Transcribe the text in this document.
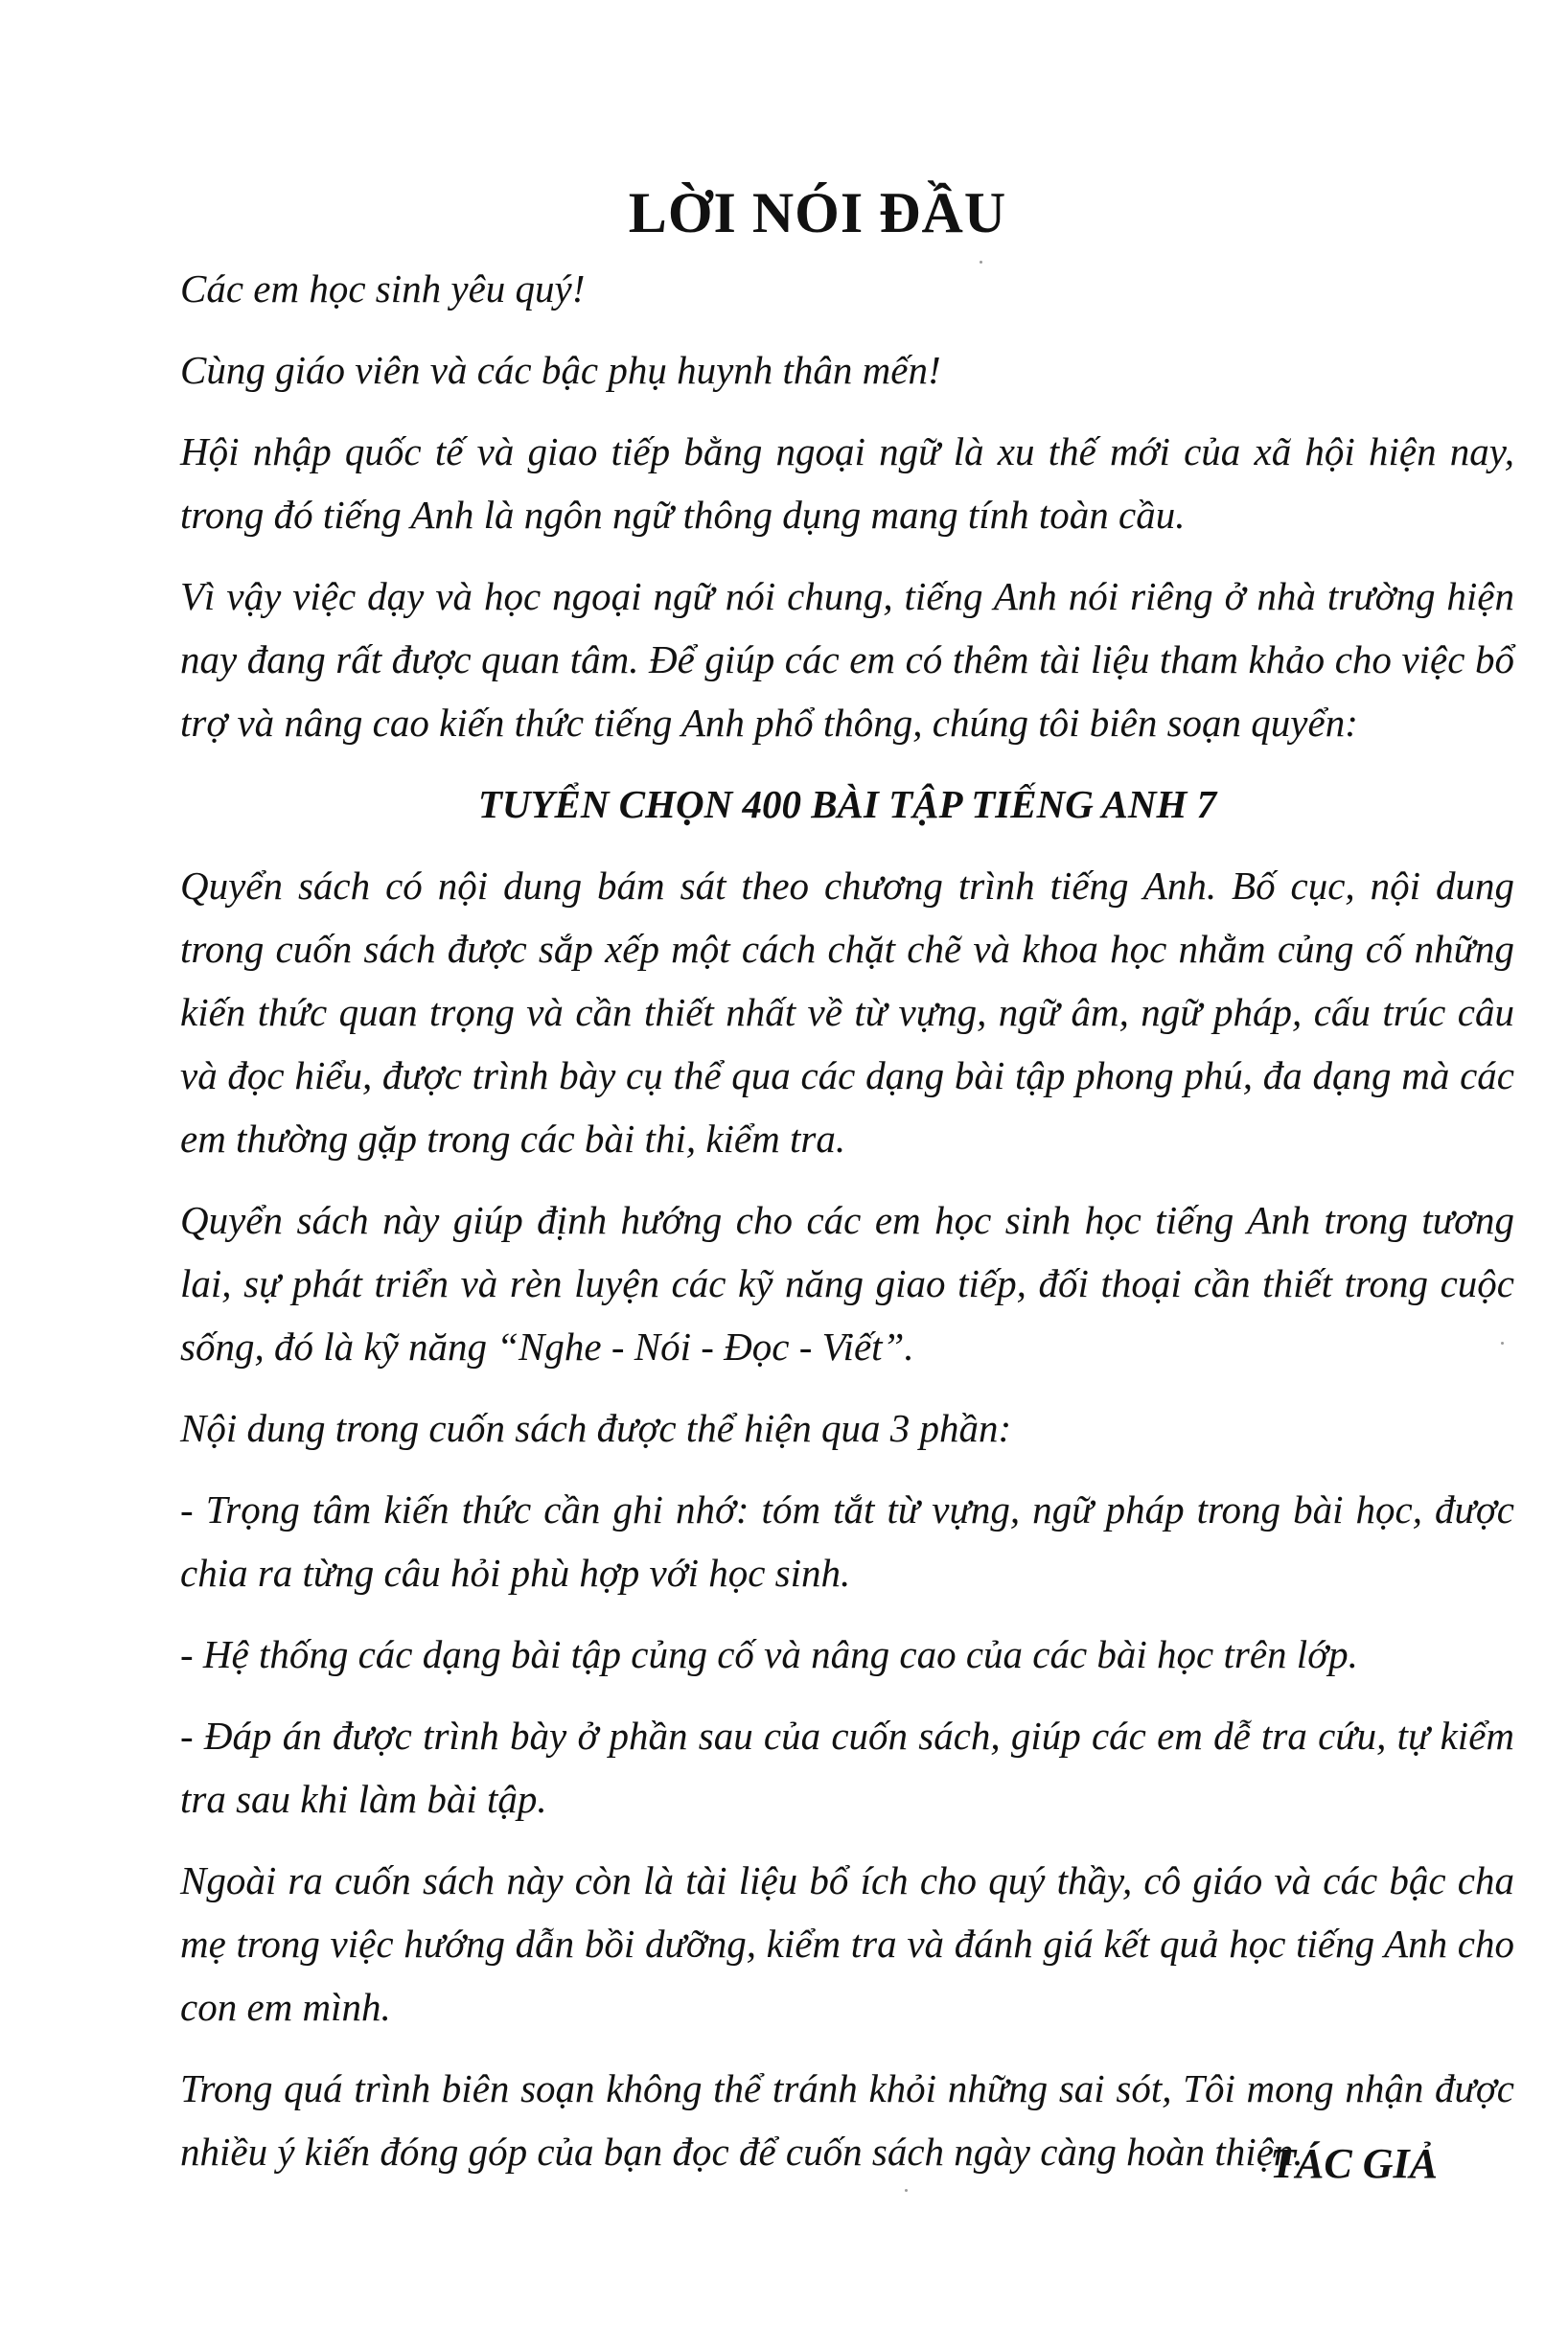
LỜI NÓI ĐẦU

Các em học sinh yêu quý!

Cùng giáo viên và các bậc phụ huynh thân mến!

Hội nhập quốc tế và giao tiếp bằng ngoại ngữ là xu thế mới của xã hội hiện nay, trong đó tiếng Anh là ngôn ngữ thông dụng mang tính toàn cầu.

Vì vậy việc dạy và học ngoại ngữ nói chung, tiếng Anh nói riêng ở nhà trường hiện nay đang rất được quan tâm. Để giúp các em có thêm tài liệu tham khảo cho việc bổ trợ và nâng cao kiến thức tiếng Anh phổ thông, chúng tôi biên soạn quyển:

TUYỂN CHỌN 400 BÀI TẬP TIẾNG ANH 7

Quyển sách có nội dung bám sát theo chương trình tiếng Anh. Bố cục, nội dung trong cuốn sách được sắp xếp một cách chặt chẽ và khoa học nhằm củng cố những kiến thức quan trọng và cần thiết nhất về từ vựng, ngữ âm, ngữ pháp, cấu trúc câu và đọc hiểu, được trình bày cụ thể qua các dạng bài tập phong phú, đa dạng mà các em thường gặp trong các bài thi, kiểm tra.

Quyển sách này giúp định hướng cho các em học sinh học tiếng Anh trong tương lai, sự phát triển và rèn luyện các kỹ năng giao tiếp, đối thoại cần thiết trong cuộc sống, đó là kỹ năng “Nghe - Nói - Đọc - Viết”.

Nội dung trong cuốn sách được thể hiện qua 3 phần:

- Trọng tâm kiến thức cần ghi nhớ: tóm tắt từ vựng, ngữ pháp trong bài học, được chia ra từng câu hỏi phù hợp với học sinh.

- Hệ thống các dạng bài tập củng cố và nâng cao của các bài học trên lớp.

- Đáp án được trình bày ở phần sau của cuốn sách, giúp các em dễ tra cứu, tự kiểm tra sau khi làm bài tập.

Ngoài ra cuốn sách này còn là tài liệu bổ ích cho quý thầy, cô giáo và các bậc cha mẹ trong việc hướng dẫn bồi dưỡng, kiểm tra và đánh giá kết quả học tiếng Anh cho con em mình.

Trong quá trình biên soạn không thể tránh khỏi những sai sót, Tôi mong nhận được nhiều ý kiến đóng góp của bạn đọc để cuốn sách ngày càng hoàn thiện.

TÁC GIẢ
